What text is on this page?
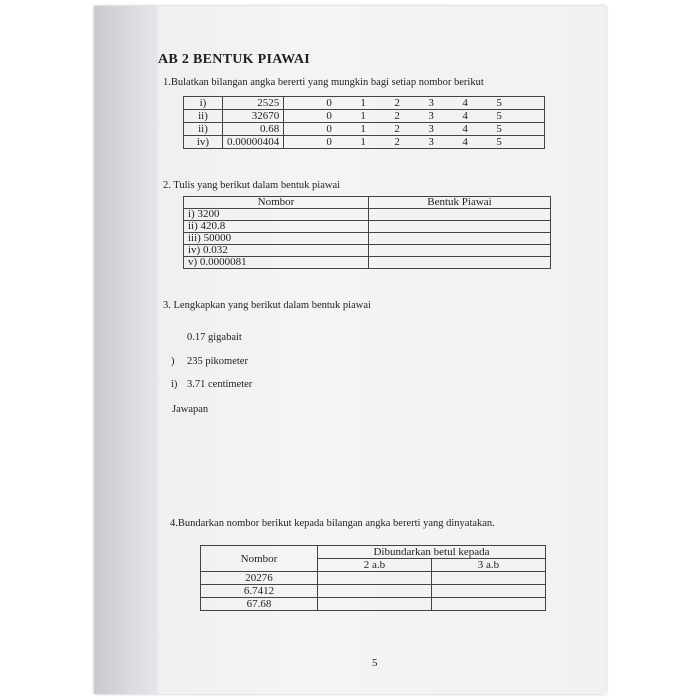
AB 2 BENTUK PIAWAI
1.Bulatkan bilangan angka bererti yang mungkin bagi setiap nombor berikut
i)	2525	0 1 2 3 4 5
ii)	32670	0 1 2 3 4 5
ii)	0.68	0 1 2 3 4 5
iv)	0.00000404	0 1 2 3 4 5
2. Tulis yang berikut dalam bentuk piawai
Nombor	Bentuk Piawai
i) 3200	
ii) 420.8	
iii) 50000	
iv) 0.032	
v) 0.0000081	
3. Lengkapkan yang berikut dalam bentuk piawai
0.17 gigabait
) 235 pikometer
i) 3.71 centimeter
Jawapan
4.Bundarkan nombor berikut kepada bilangan angka bererti yang dinyatakan.
Nombor	Dibundarkan betul kepada	
	2 a.b	3 a.b
20276		
6.7412		
67.68		
5
